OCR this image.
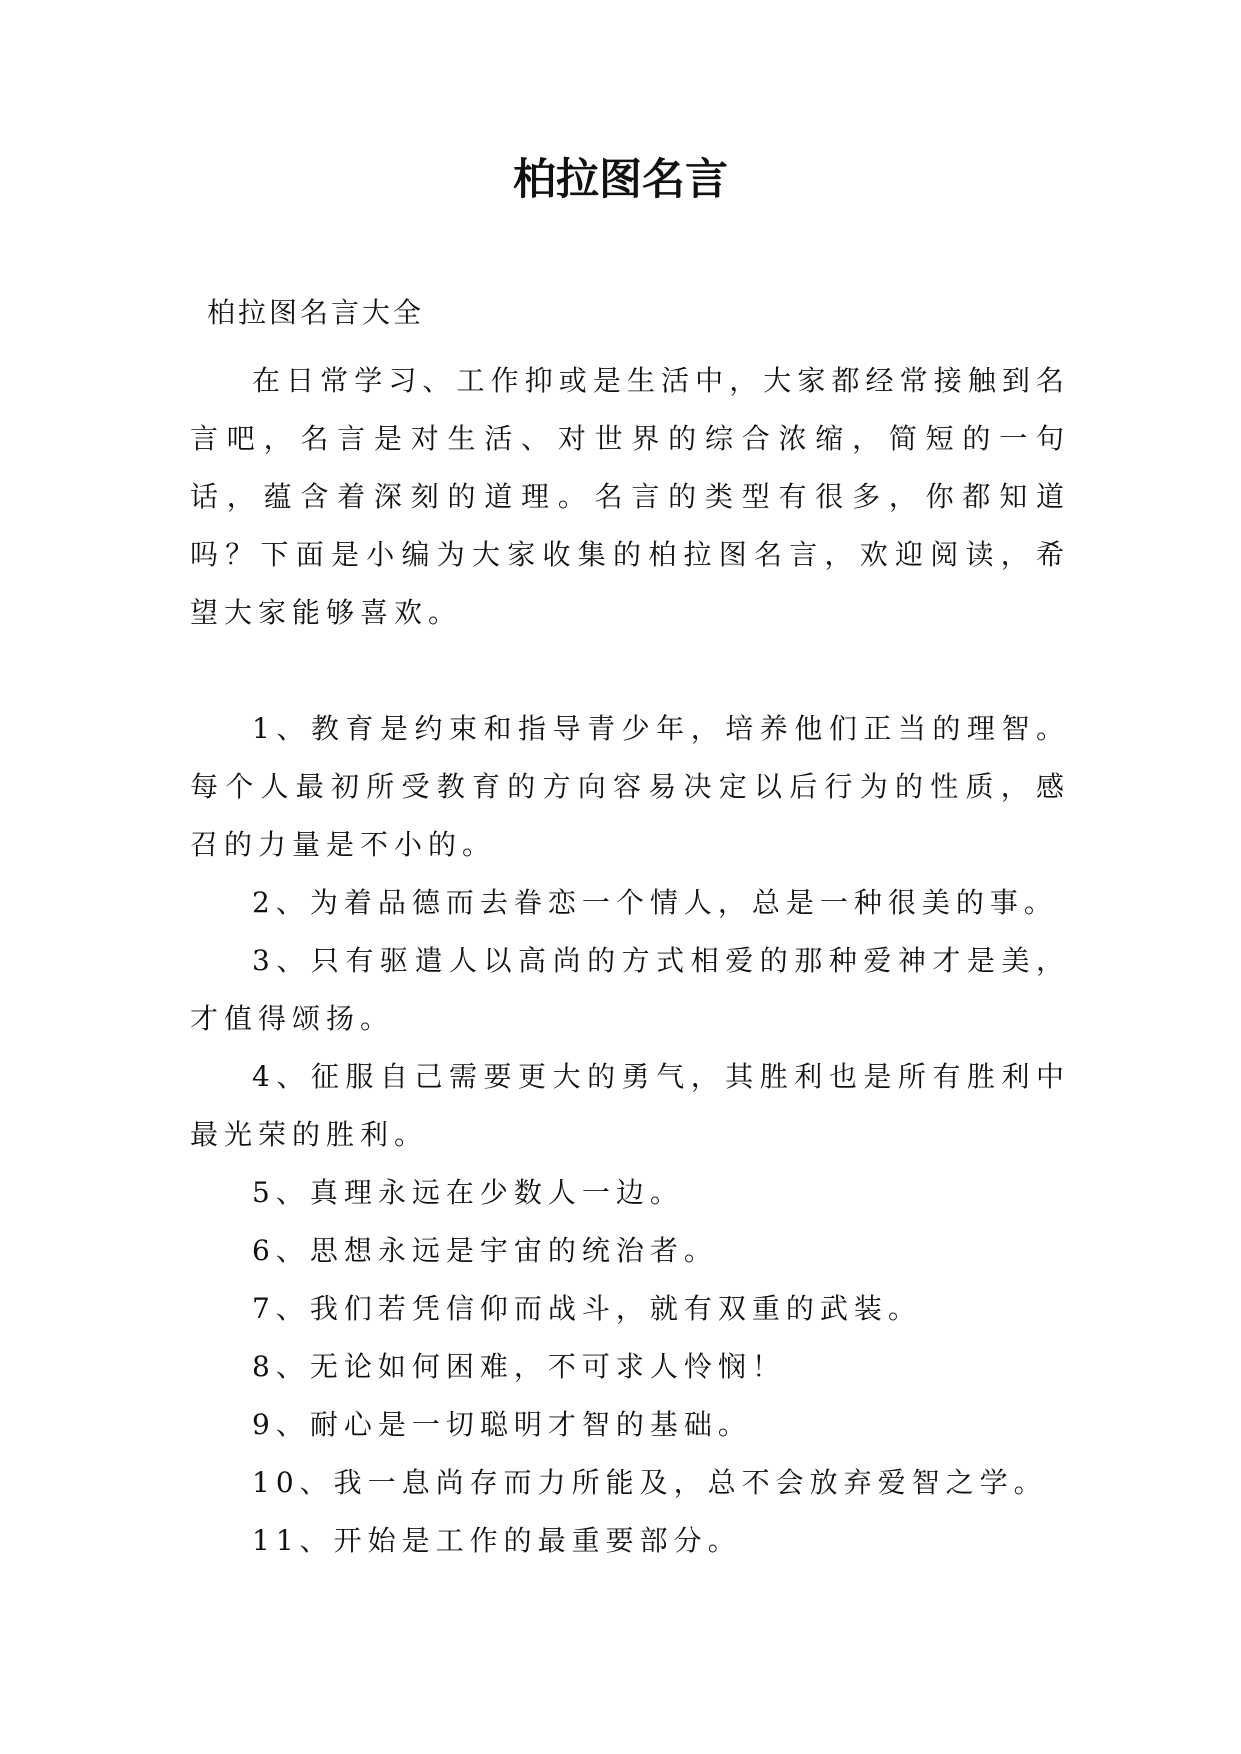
柏拉图名言

柏拉图名言大全

在日常学习、工作抑或是生活中，大家都经常接触到名言吧，名言是对生活、对世界的综合浓缩，简短的一句话，蕴含着深刻的道理。名言的类型有很多，你都知道吗？下面是小编为大家收集的柏拉图名言，欢迎阅读，希望大家能够喜欢。

1、教育是约束和指导青少年，培养他们正当的理智。每个人最初所受教育的方向容易决定以后行为的性质，感召的力量是不小的。
2、为着品德而去眷恋一个情人，总是一种很美的事。
3、只有驱遣人以高尚的方式相爱的那种爱神才是美，才值得颂扬。
4、征服自己需要更大的勇气，其胜利也是所有胜利中最光荣的胜利。
5、真理永远在少数人一边。
6、思想永远是宇宙的统治者。
7、我们若凭信仰而战斗，就有双重的武装。
8、无论如何困难，不可求人怜悯！
9、耐心是一切聪明才智的基础。
10、我一息尚存而力所能及，总不会放弃爱智之学。
11、开始是工作的最重要部分。
